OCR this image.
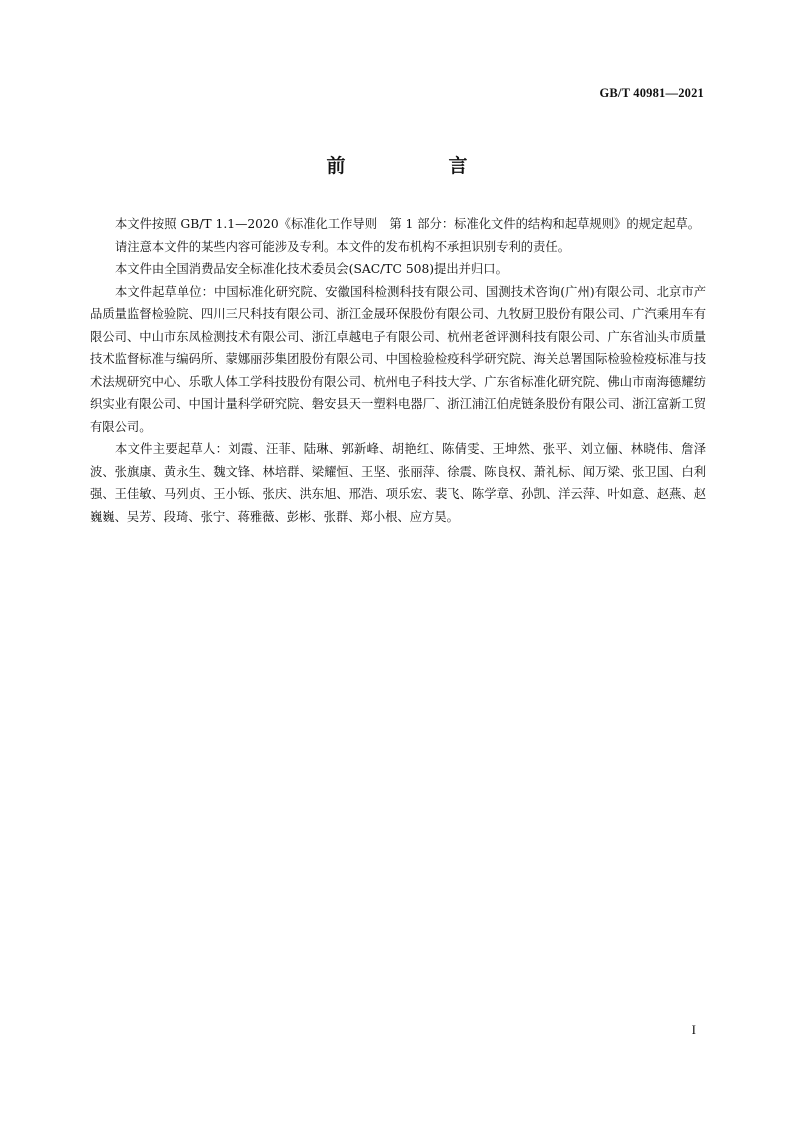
GB/T 40981—2021
前　言

本文件按照 GB/T 1.1—2020《标准化工作导则　第 1 部分：标准化文件的结构和起草规则》的规定起草。

请注意本文件的某些内容可能涉及专利。本文件的发布机构不承担识别专利的责任。

本文件由全国消费品安全标准化技术委员会(SAC/TC 508)提出并归口。

本文件起草单位：中国标准化研究院、安徽国科检测科技有限公司、国测技术咨询(广州)有限公司、北京市产品质量监督检验院、四川三尺科技有限公司、浙江金晟环保股份有限公司、九牧厨卫股份有限公司、广汽乘用车有限公司、中山市东凤检测技术有限公司、浙江卓越电子有限公司、杭州老爸评测科技有限公司、广东省汕头市质量技术监督标准与编码所、蒙娜丽莎集团股份有限公司、中国检验检疫科学研究院、海关总署国际检验检疫标准与技术法规研究中心、乐歌人体工学科技股份有限公司、杭州电子科技大学、广东省标准化研究院、佛山市南海德耀纺织实业有限公司、中国计量科学研究院、磐安县天一塑料电器厂、浙江浦江伯虎链条股份有限公司、浙江富新工贸有限公司。

本文件主要起草人：刘霞、汪菲、陆琳、郭新峰、胡艳红、陈倩雯、王坤然、张平、刘立俪、林晓伟、詹泽波、张旗康、黄永生、魏文锋、林培群、梁耀恒、王坚、张丽萍、徐震、陈良权、萧礼标、闻万梁、张卫国、白利强、王佳敏、马列贞、王小铄、张庆、洪东旭、邢浩、项乐宏、裴飞、陈学章、孙凯、洋云萍、叶如意、赵燕、赵巍巍、吴芳、段琦、张宁、蒋雅薇、彭彬、张群、郑小根、应方昊。

I
